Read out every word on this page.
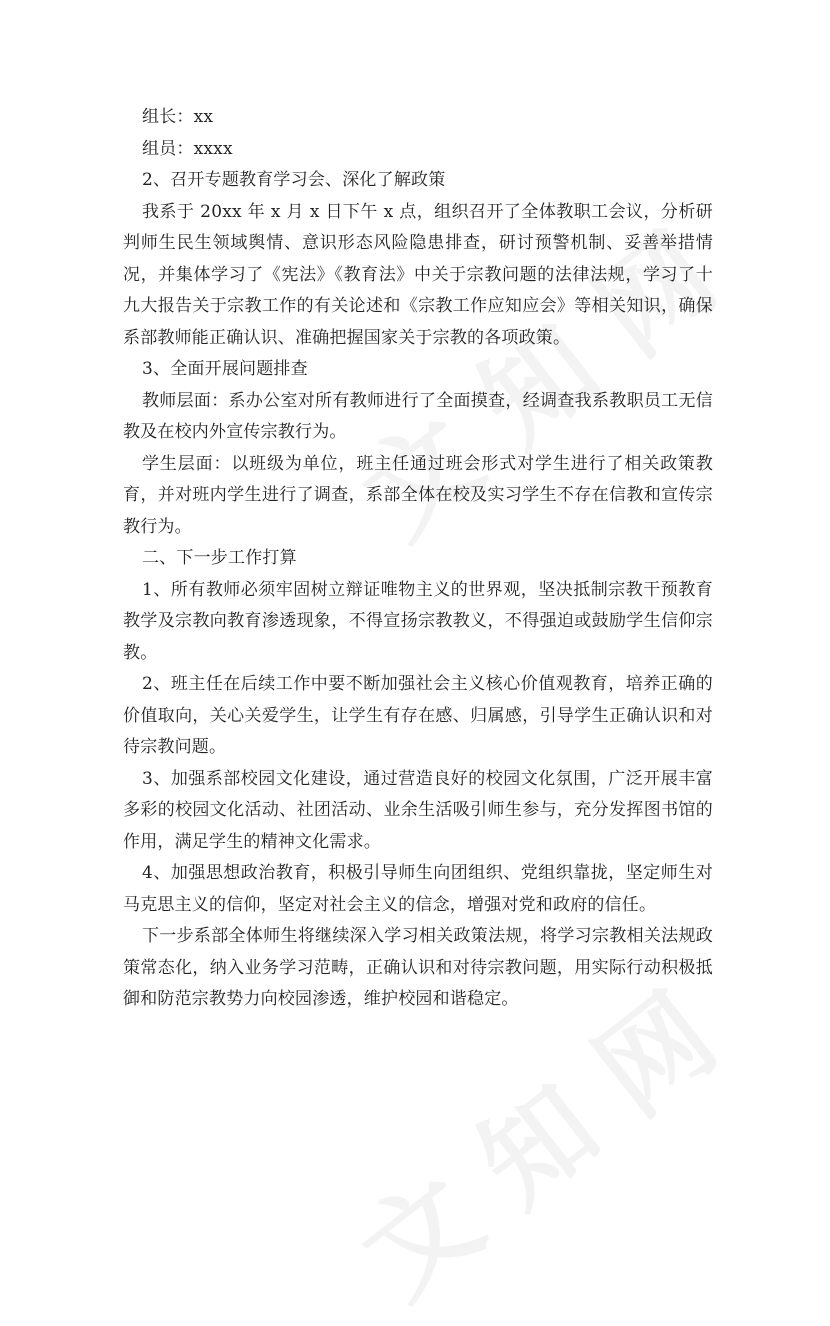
组长：xx

组员：xxxx

2、召开专题教育学习会、深化了解政策

我系于 20xx 年 x 月 x 日下午 x 点，组织召开了全体教职工会议，分析研判师生民生领域舆情、意识形态风险隐患排查，研讨预警机制、妥善举措情况，并集体学习了《宪法》《教育法》中关于宗教问题的法律法规，学习了十九大报告关于宗教工作的有关论述和《宗教工作应知应会》等相关知识，确保系部教师能正确认识、准确把握国家关于宗教的各项政策。

3、全面开展问题排查

教师层面：系办公室对所有教师进行了全面摸查，经调查我系教职员工无信教及在校内外宣传宗教行为。

学生层面：以班级为单位，班主任通过班会形式对学生进行了相关政策教育，并对班内学生进行了调查，系部全体在校及实习学生不存在信教和宣传宗教行为。

二、下一步工作打算

1、所有教师必须牢固树立辩证唯物主义的世界观，坚决抵制宗教干预教育教学及宗教向教育渗透现象，不得宣扬宗教教义，不得强迫或鼓励学生信仰宗教。

2、班主任在后续工作中要不断加强社会主义核心价值观教育，培养正确的价值取向，关心关爱学生，让学生有存在感、归属感，引导学生正确认识和对待宗教问题。

3、加强系部校园文化建设，通过营造良好的校园文化氛围，广泛开展丰富多彩的校园文化活动、社团活动、业余生活吸引师生参与，充分发挥图书馆的作用，满足学生的精神文化需求。

4、加强思想政治教育，积极引导师生向团组织、党组织靠拢，坚定师生对马克思主义的信仰，坚定对社会主义的信念，增强对党和政府的信任。

下一步系部全体师生将继续深入学习相关政策法规，将学习宗教相关法规政策常态化，纳入业务学习范畴，正确认识和对待宗教问题，用实际行动积极抵御和防范宗教势力向校园渗透，维护校园和谐稳定。
